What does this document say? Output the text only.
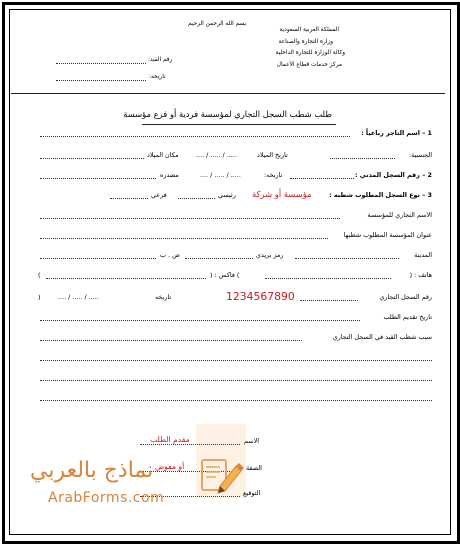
بسم الله الرحمن الرحيم
المملكة العربية السعودية
وزارة التجارة والصناعة
وكالة الوزارة للتجارة الداخلية
مركز خدمات قطاع الأعمال
رقم القيد:
تاريخه:
طلب شطب السجل التجاري لمؤسسة فردية أو فرع مؤسسة
1 – اسم التاجر رباعياً :
الجنسية:
تاريخ الميلاد
.... / ..... / .....
مكان الميلاد
2 – رقم السجل المدني :
تاريخه:
.... / ..... / .....
مصدره
3 – نوع السجل المطلوب شطبه :
مؤسسة أو شركة
رئيسي
فرعي
الاسم التجاري للمؤسسة
عنوان المؤسسة المطلوب شطبها
المدينة
رمز بريدي
ص . ب
هاتف : (
) فاكس : (
)
رقم السجل التجاري
1234567890
تاريخه
.... / ..... / .....
(
تاريخ تقديم الطلب
سبب شطب القيد في السجل التجاري
الاسم
مقدم الطلب
الصفة
أو مفوض
التوقيع
نماذج بالعربي
ArabForms.com
